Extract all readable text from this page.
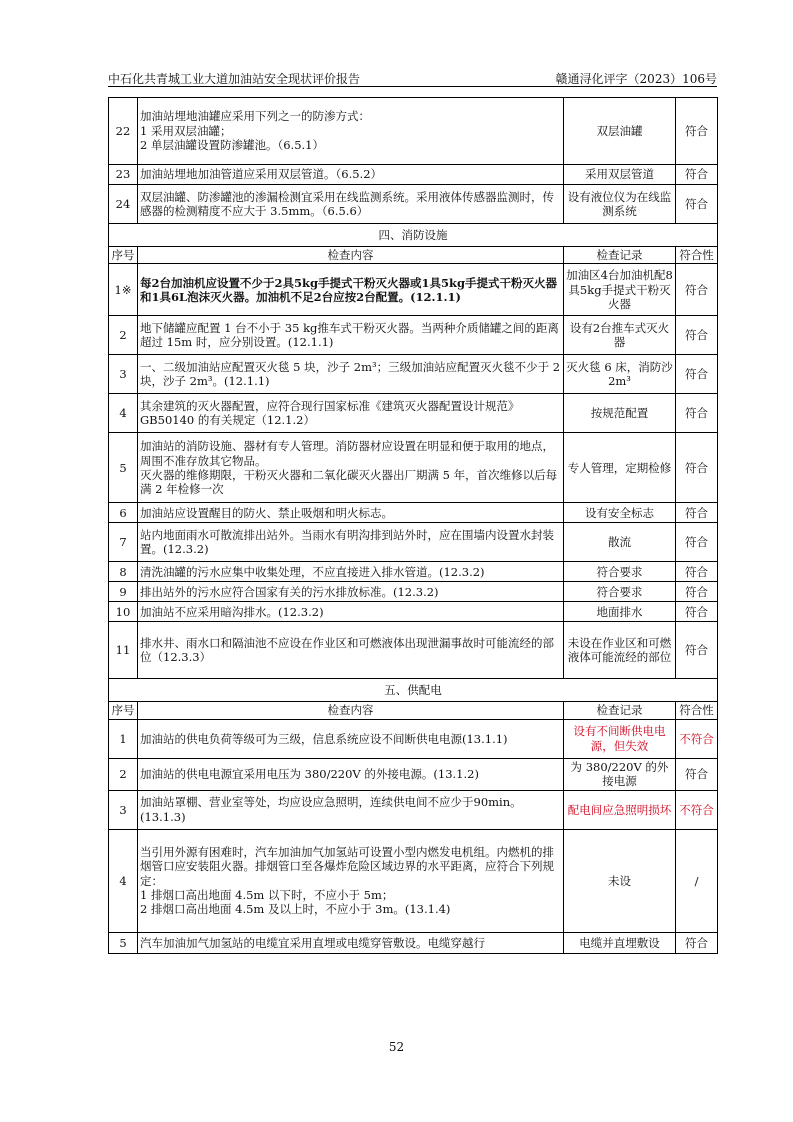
中石化共青城工业大道加油站安全现状评价报告	赣通浔化评字（2023）106号
22	加油站埋地油罐应采用下列之一的防渗方式：
1 采用双层油罐；
2 单层油罐设置防渗罐池。（6.5.1）	双层油罐	符合
23	加油站埋地加油管道应采用双层管道。（6.5.2）	采用双层管道	符合
24	双层油罐、防渗罐池的渗漏检测宜采用在线监测系统。采用液体传感器监测时，传感器的检测精度不应大于 3.5mm。（6.5.6）	设有液位仪为在线监测系统	符合
四、消防设施			
序号	检查内容	检查记录	符合性
1※	每2台加油机应设置不少于2具5kg手提式干粉灭火器或1具5kg手提式干粉灭火器和1具6L泡沫灭火器。加油机不足2台应按2台配置。(12.1.1)	加油区4台加油机配8具5kg手提式干粉灭火器	符合
2	地下储罐应配置 1 台不小于 35 kg推车式干粉灭火器。当两种介质储罐之间的距离超过 15m 时，应分别设置。(12.1.1)	设有2台推车式灭火器	符合
3	一、二级加油站应配置灭火毯 5 块，沙子 2m³；三级加油站应配置灭火毯不少于 2 块，沙子 2m³。(12.1.1)	灭火毯 6 床，消防沙 2m³	符合
4	其余建筑的灭火器配置，应符合现行国家标准《建筑灭火器配置设计规范》GB50140 的有关规定（12.1.2）	按规范配置	符合
5	加油站的消防设施、器材有专人管理。消防器材应设置在明显和便于取用的地点，周围不准存放其它物品。
灭火器的维修期限，干粉灭火器和二氧化碳灭火器出厂期满 5 年，首次维修以后每满 2 年检修一次	专人管理，定期检修	符合
6	加油站应设置醒目的防火、禁止吸烟和明火标志。	设有安全标志	符合
7	站内地面雨水可散流排出站外。当雨水有明沟排到站外时，应在围墙内设置水封装置。(12.3.2)	散流	符合
8	清洗油罐的污水应集中收集处理，不应直接进入排水管道。(12.3.2)	符合要求	符合
9	排出站外的污水应符合国家有关的污水排放标准。(12.3.2)	符合要求	符合
10	加油站不应采用暗沟排水。(12.3.2)	地面排水	符合
11	排水井、雨水口和隔油池不应设在作业区和可燃液体出现泄漏事故时可能流经的部位（12.3.3）	未设在作业区和可燃液体可能流经的部位	符合
五、供配电			
序号	检查内容	检查记录	符合性
1	加油站的供电负荷等级可为三级，信息系统应设不间断供电电源(13.1.1)	设有不间断供电电源，但失效	不符合
2	加油站的供电电源宜采用电压为 380/220V 的外接电源。(13.1.2)	为 380/220V 的外接电源	符合
3	加油站罩棚、营业室等处，均应设应急照明，连续供电间不应少于90min。(13.1.3)	配电间应急照明损坏	不符合
4	当引用外源有困难时，汽车加油加气加氢站可设置小型内燃发电机组。内燃机的排烟管口应安装阻火器。排烟管口至各爆炸危险区域边界的水平距离，应符合下列规定：
1 排烟口高出地面 4.5m 以下时，不应小于 5m；
2 排烟口高出地面 4.5m 及以上时，不应小于 3m。(13.1.4)	未设	/
5	汽车加油加气加氢站的电缆宜采用直埋或电缆穿管敷设。电缆穿越行	电缆并直埋敷设	符合
52
